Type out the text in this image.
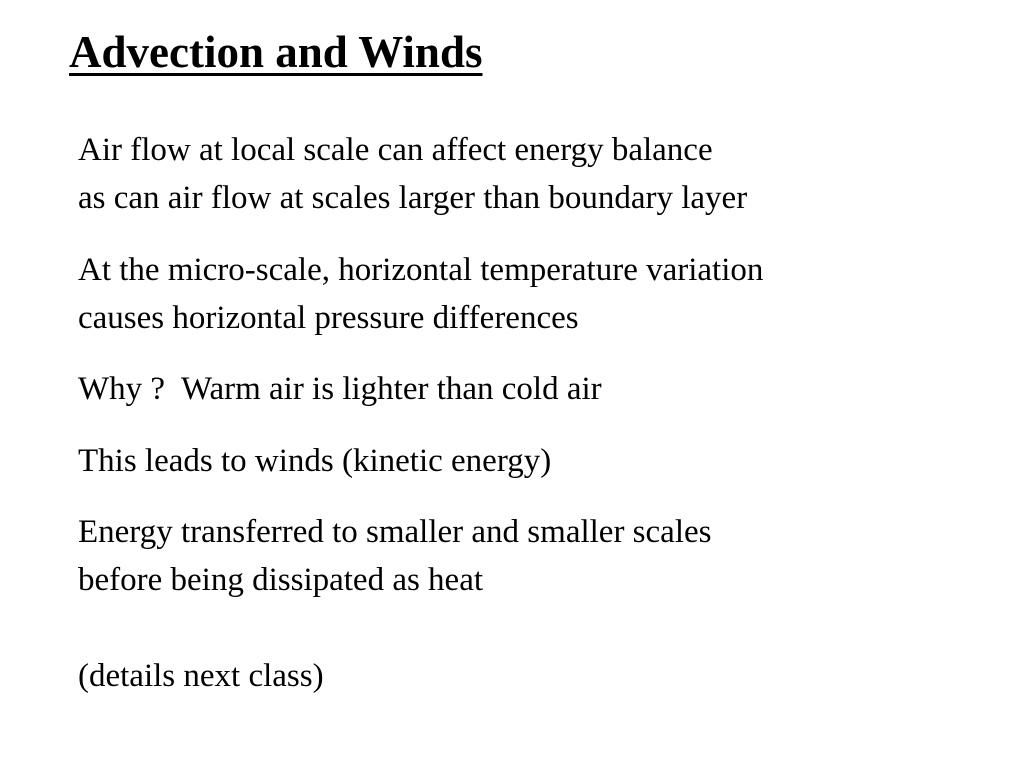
Advection and Winds

Air flow at local scale can affect energy balance

as can air flow at scales larger than boundary layer

At the micro-scale, horizontal temperature variation

causes horizontal pressure differences

Why ?  Warm air is lighter than cold air

This leads to winds (kinetic energy)

Energy transferred to smaller and smaller scales

before being dissipated as heat

(details next class)
